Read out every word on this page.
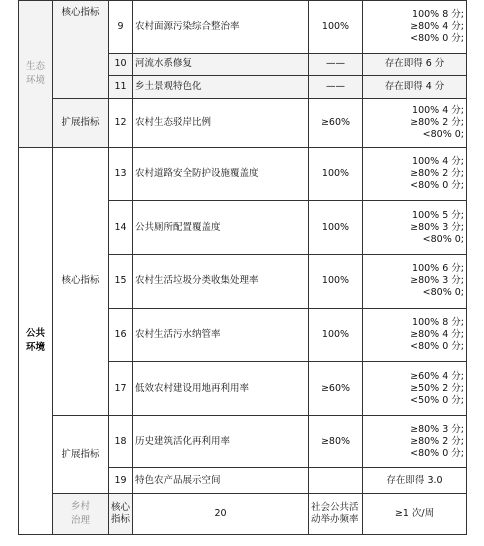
生态环境	核心指标	9	农村面源污染综合整治率	100%	100% 8 分;
≥80% 4 分;
<80% 0 分;	

		10	河流水系修复	——	存在即得 6 分	
		11	乡土景观特色化	——	存在即得 4 分	
	扩展指标	12	农村生态驳岸比例	≥60%	100% 4 分;
≥80% 2 分;
<80% 0;	

公共环境	核心指标	13	农村道路安全防护设施覆盖度	100%	100% 4 分;
≥80% 2 分;
<80% 0 分;	

		14	公共厕所配置覆盖度	100%	100% 5 分;
≥80% 3 分;
<80% 0;	

		15	农村生活垃圾分类收集处理率	100%	100% 6 分;
≥80% 3 分;
<80% 0;	

		16	农村生活污水纳管率	100%	100% 8 分;
≥80% 4 分;
<80% 0 分;	

		17	低效农村建设用地再利用率	≥60%	≥60% 4 分;
≥50% 2 分;
<50% 0 分;	

	扩展指标	18	历史建筑活化再利用率	≥80%	≥80% 3 分;
≥80% 2 分;
<80% 0 分;	

		19	特色农产品展示空间		存在即得 3.0	
	乡村治理	核心指标	20	社会公共活动举办频率	≥1 次/周	
